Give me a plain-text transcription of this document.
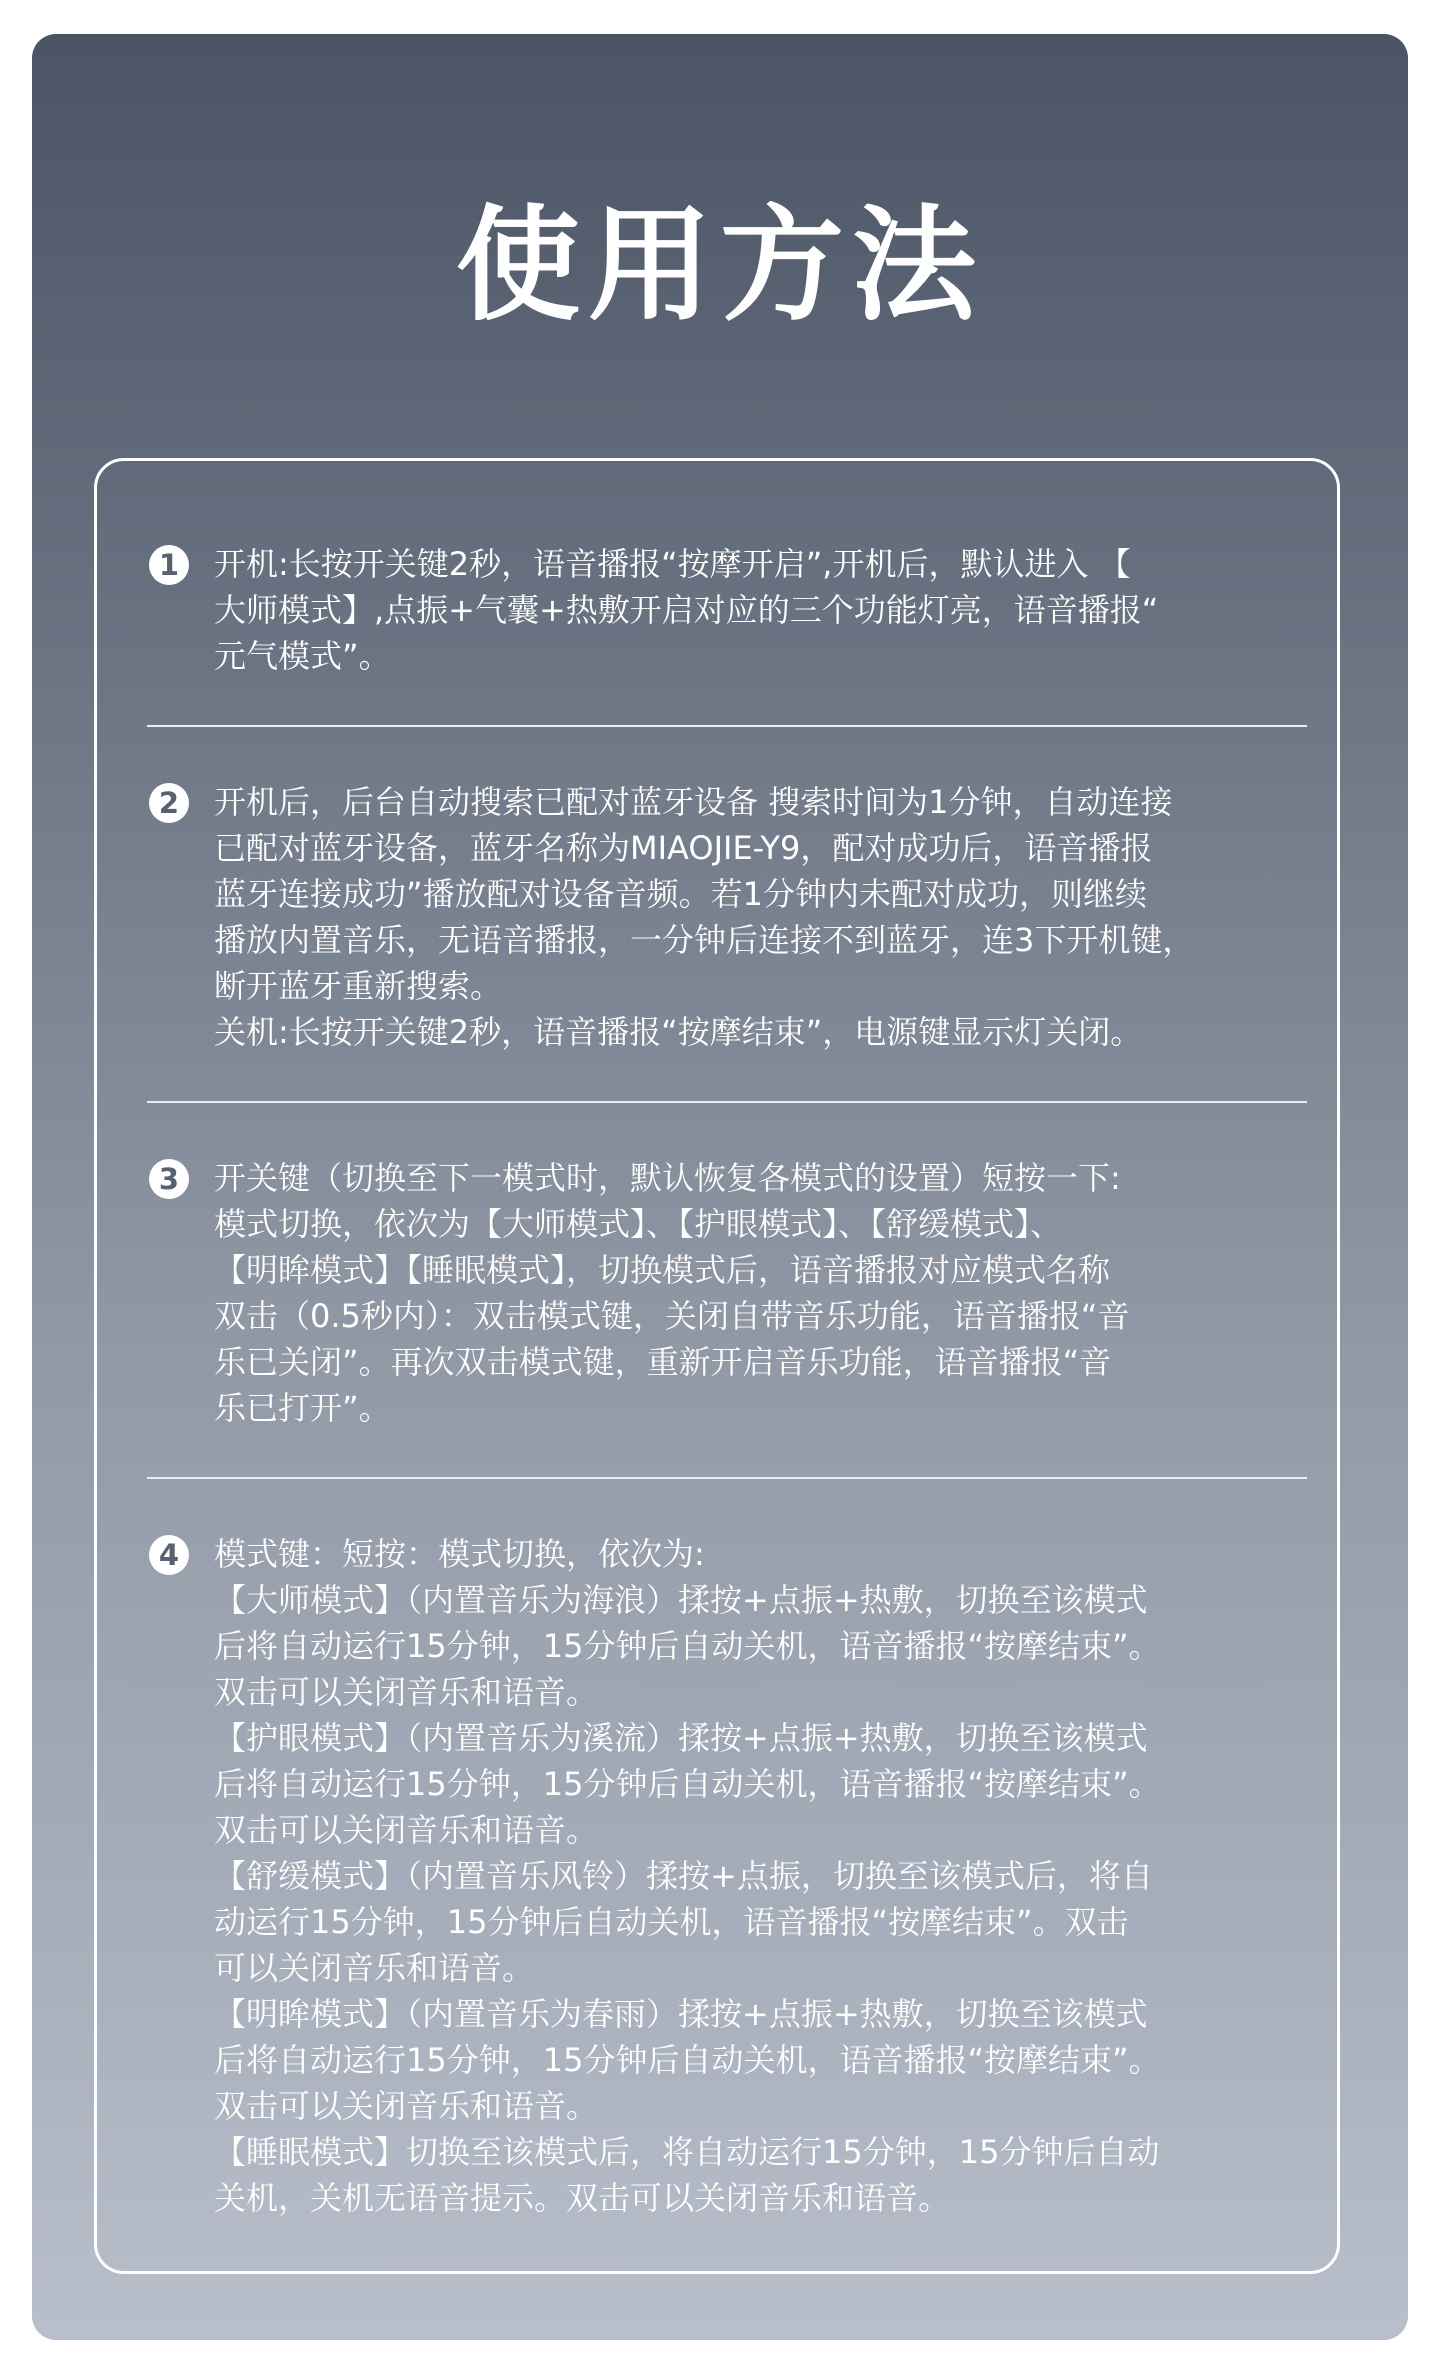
使用方法
1	开机:长按开关键2秒，语音播报“按摩开启”,开机后，默认进入 【
大师模式】,点振+气囊+热敷开启对应的三个功能灯亮，语音播报“
元气模式”。
2	开机后，后台自动搜索已配对蓝牙设备 搜索时间为1分钟，自动连接
已配对蓝牙设备，蓝牙名称为MIAOJIE-Y9，配对成功后，语音播报
蓝牙连接成功”播放配对设备音频。若1分钟内未配对成功，则继续
播放内置音乐，无语音播报，一分钟后连接不到蓝牙，连3下开机键，
断开蓝牙重新搜索。
关机:长按开关键2秒，语音播报“按摩结束”，电源键显示灯关闭。
3	开关键（切换至下一模式时，默认恢复各模式的设置）短按一下:
模式切换，依次为【大师模式】、【护眼模式】、【舒缓模式】、
【明眸模式】【睡眠模式】，切换模式后，语音播报对应模式名称
双击（0.5秒内）：双击模式键，关闭自带音乐功能，语音播报“音
乐已关闭”。再次双击模式键，重新开启音乐功能，语音播报“音
乐已打开”。
4	模式键：短按：模式切换，依次为:
【大师模式】（内置音乐为海浪）揉按+点振+热敷，切换至该模式
后将自动运行15分钟，15分钟后自动关机，语音播报“按摩结束”。
双击可以关闭音乐和语音。
【护眼模式】（内置音乐为溪流）揉按+点振+热敷，切换至该模式
后将自动运行15分钟，15分钟后自动关机，语音播报“按摩结束”。
双击可以关闭音乐和语音。
【舒缓模式】（内置音乐风铃）揉按+点振，切换至该模式后，将自
动运行15分钟，15分钟后自动关机，语音播报“按摩结束”。双击
可以关闭音乐和语音。
【明眸模式】（内置音乐为春雨）揉按+点振+热敷，切换至该模式
后将自动运行15分钟，15分钟后自动关机，语音播报“按摩结束”。
双击可以关闭音乐和语音。
【睡眠模式】切换至该模式后，将自动运行15分钟，15分钟后自动
关机，关机无语音提示。双击可以关闭音乐和语音。
